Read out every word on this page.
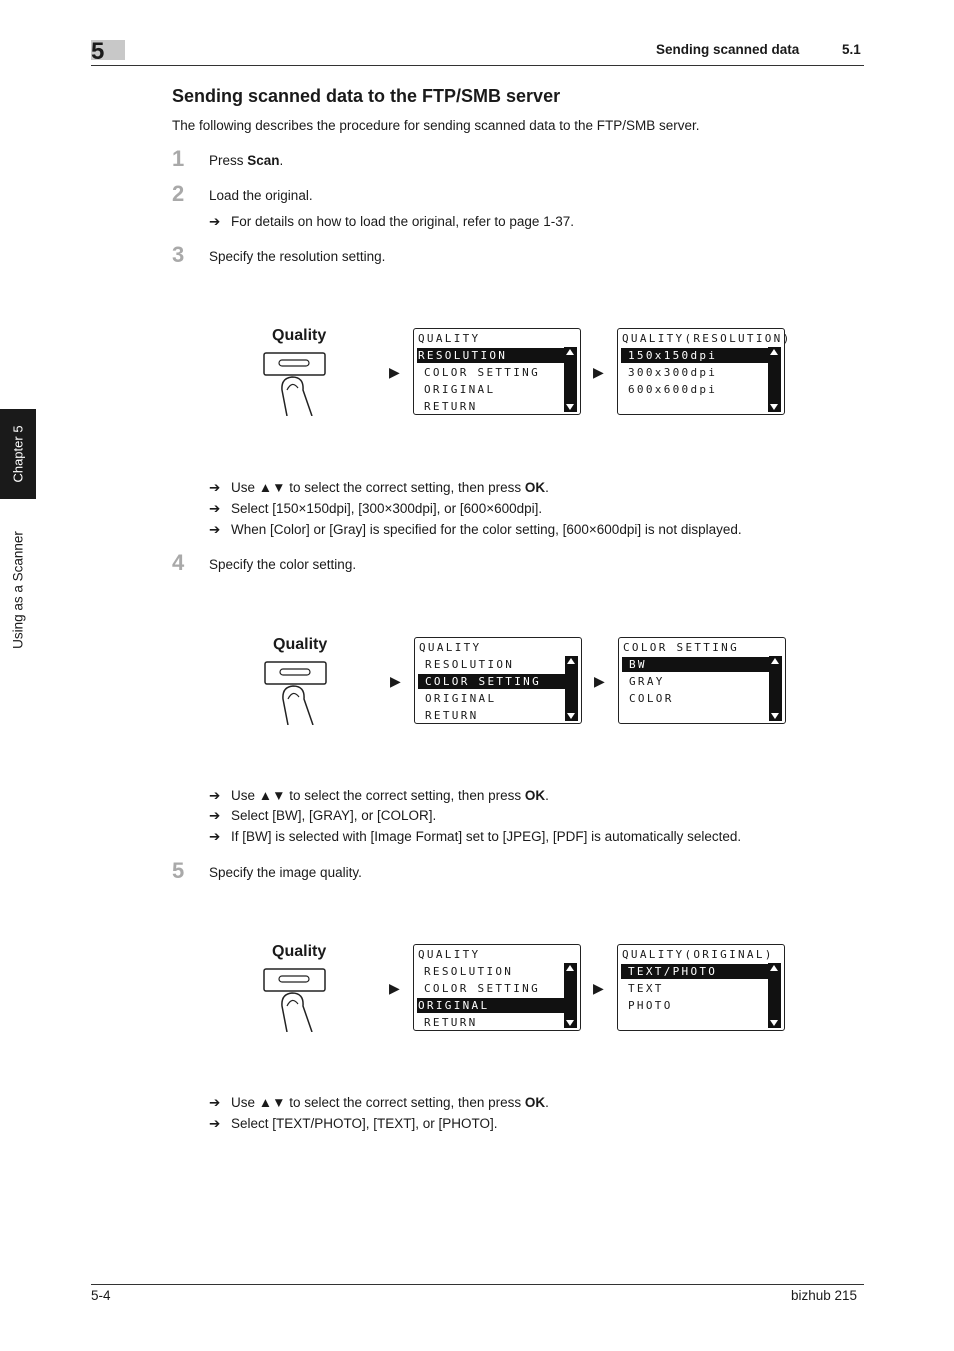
5	Sending scanned data	5.1
Chapter 5
Using as a Scanner
Sending scanned data to the FTP/SMB server
The following describes the procedure for sending scanned data to the FTP/SMB server.
1 Press Scan.
2 Load the original.
➔ For details on how to load the original, refer to page 1-37.
3 Specify the resolution setting.
Quality
▶
QUALITY
RESOLUTION
COLOR SETTING
ORIGINAL
RETURN
▶
QUALITY(RESOLUTION)
150x150dpi
300x300dpi
600x600dpi
➔ Use ▲▼ to select the correct setting, then press OK.
➔ Select [150×150dpi], [300×300dpi], or [600×600dpi].
➔ When [Color] or [Gray] is specified for the color setting, [600×600dpi] is not displayed.
4 Specify the color setting.
Quality
▶
QUALITY
RESOLUTION
COLOR SETTING
ORIGINAL
RETURN
▶
COLOR SETTING
BW
GRAY
COLOR
➔ Use ▲▼ to select the correct setting, then press OK.
➔ Select [BW], [GRAY], or [COLOR].
➔ If [BW] is selected with [Image Format] set to [JPEG], [PDF] is automatically selected.
5 Specify the image quality.
Quality
▶
QUALITY
RESOLUTION
COLOR SETTING
ORIGINAL
RETURN
▶
QUALITY(ORIGINAL)
TEXT/PHOTO
TEXT
PHOTO
➔ Use ▲▼ to select the correct setting, then press OK.
➔ Select [TEXT/PHOTO], [TEXT], or [PHOTO].
5-4	bizhub 215
